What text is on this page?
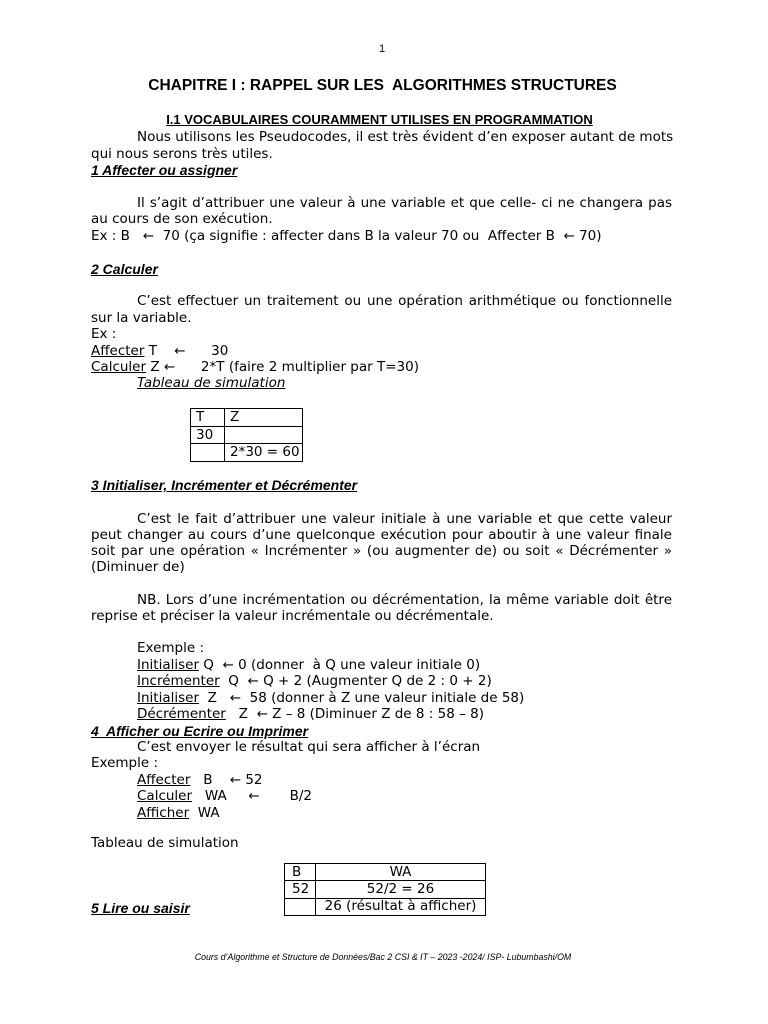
1
CHAPITRE I : RAPPEL SUR LES  ALGORITHMES STRUCTURES
I.1 VOCABULAIRES COURAMMENT UTILISES EN PROGRAMMATION
Nous utilisons les Pseudocodes, il est très évident d’en exposer autant de mots
qui nous serons très utiles.
1 Affecter ou assigner
Il s’agit d’attribuer une valeur à une variable et que celle- ci ne changera pas
au cours de son exécution.
Ex : B   ←  70 (ça signifie : affecter dans B la valeur 70 ou  Affecter B  ← 70)
2 Calculer
C’est effectuer un traitement ou une opération arithmétique ou fonctionnelle
sur la variable.
Ex :
Affecter T    ←      30
Calculer Z ←      2*T (faire 2 multiplier par T=30)
Tableau de simulation
T	Z
30	
	2*30 = 60
3 Initialiser, Incrémenter et Décrémenter
C’est le fait d’attribuer une valeur initiale à une variable et que cette valeur
peut changer au cours d’une quelconque exécution pour aboutir à une valeur finale
soit par une opération « Incrémenter » (ou augmenter de) ou soit « Décrémenter »
(Diminuer de)
NB. Lors d’une incrémentation ou décrémentation, la même variable doit être
reprise et préciser la valeur incrémentale ou décrémentale.
Exemple :
Initialiser Q  ← 0 (donner  à Q une valeur initiale 0)
Incrémenter  Q  ← Q + 2 (Augmenter Q de 2 : 0 + 2)
Initialiser  Z   ←  58 (donner à Z une valeur initiale de 58)
Décrémenter   Z  ← Z – 8 (Diminuer Z de 8 : 58 – 8)
4  Afficher ou Ecrire ou Imprimer
C’est envoyer le résultat qui sera afficher à l’écran
Exemple :
Affecter   B    ← 52
Calculer   WA     ←       B/2
Afficher  WA
Tableau de simulation
B	WA
52	52/2 = 26
	26 (résultat à afficher)
5 Lire ou saisir
Cours d’Algorithme et Structure de Données/Bac 2 CSI & IT – 2023 -2024/ ISP- Lubumbashi/OM
